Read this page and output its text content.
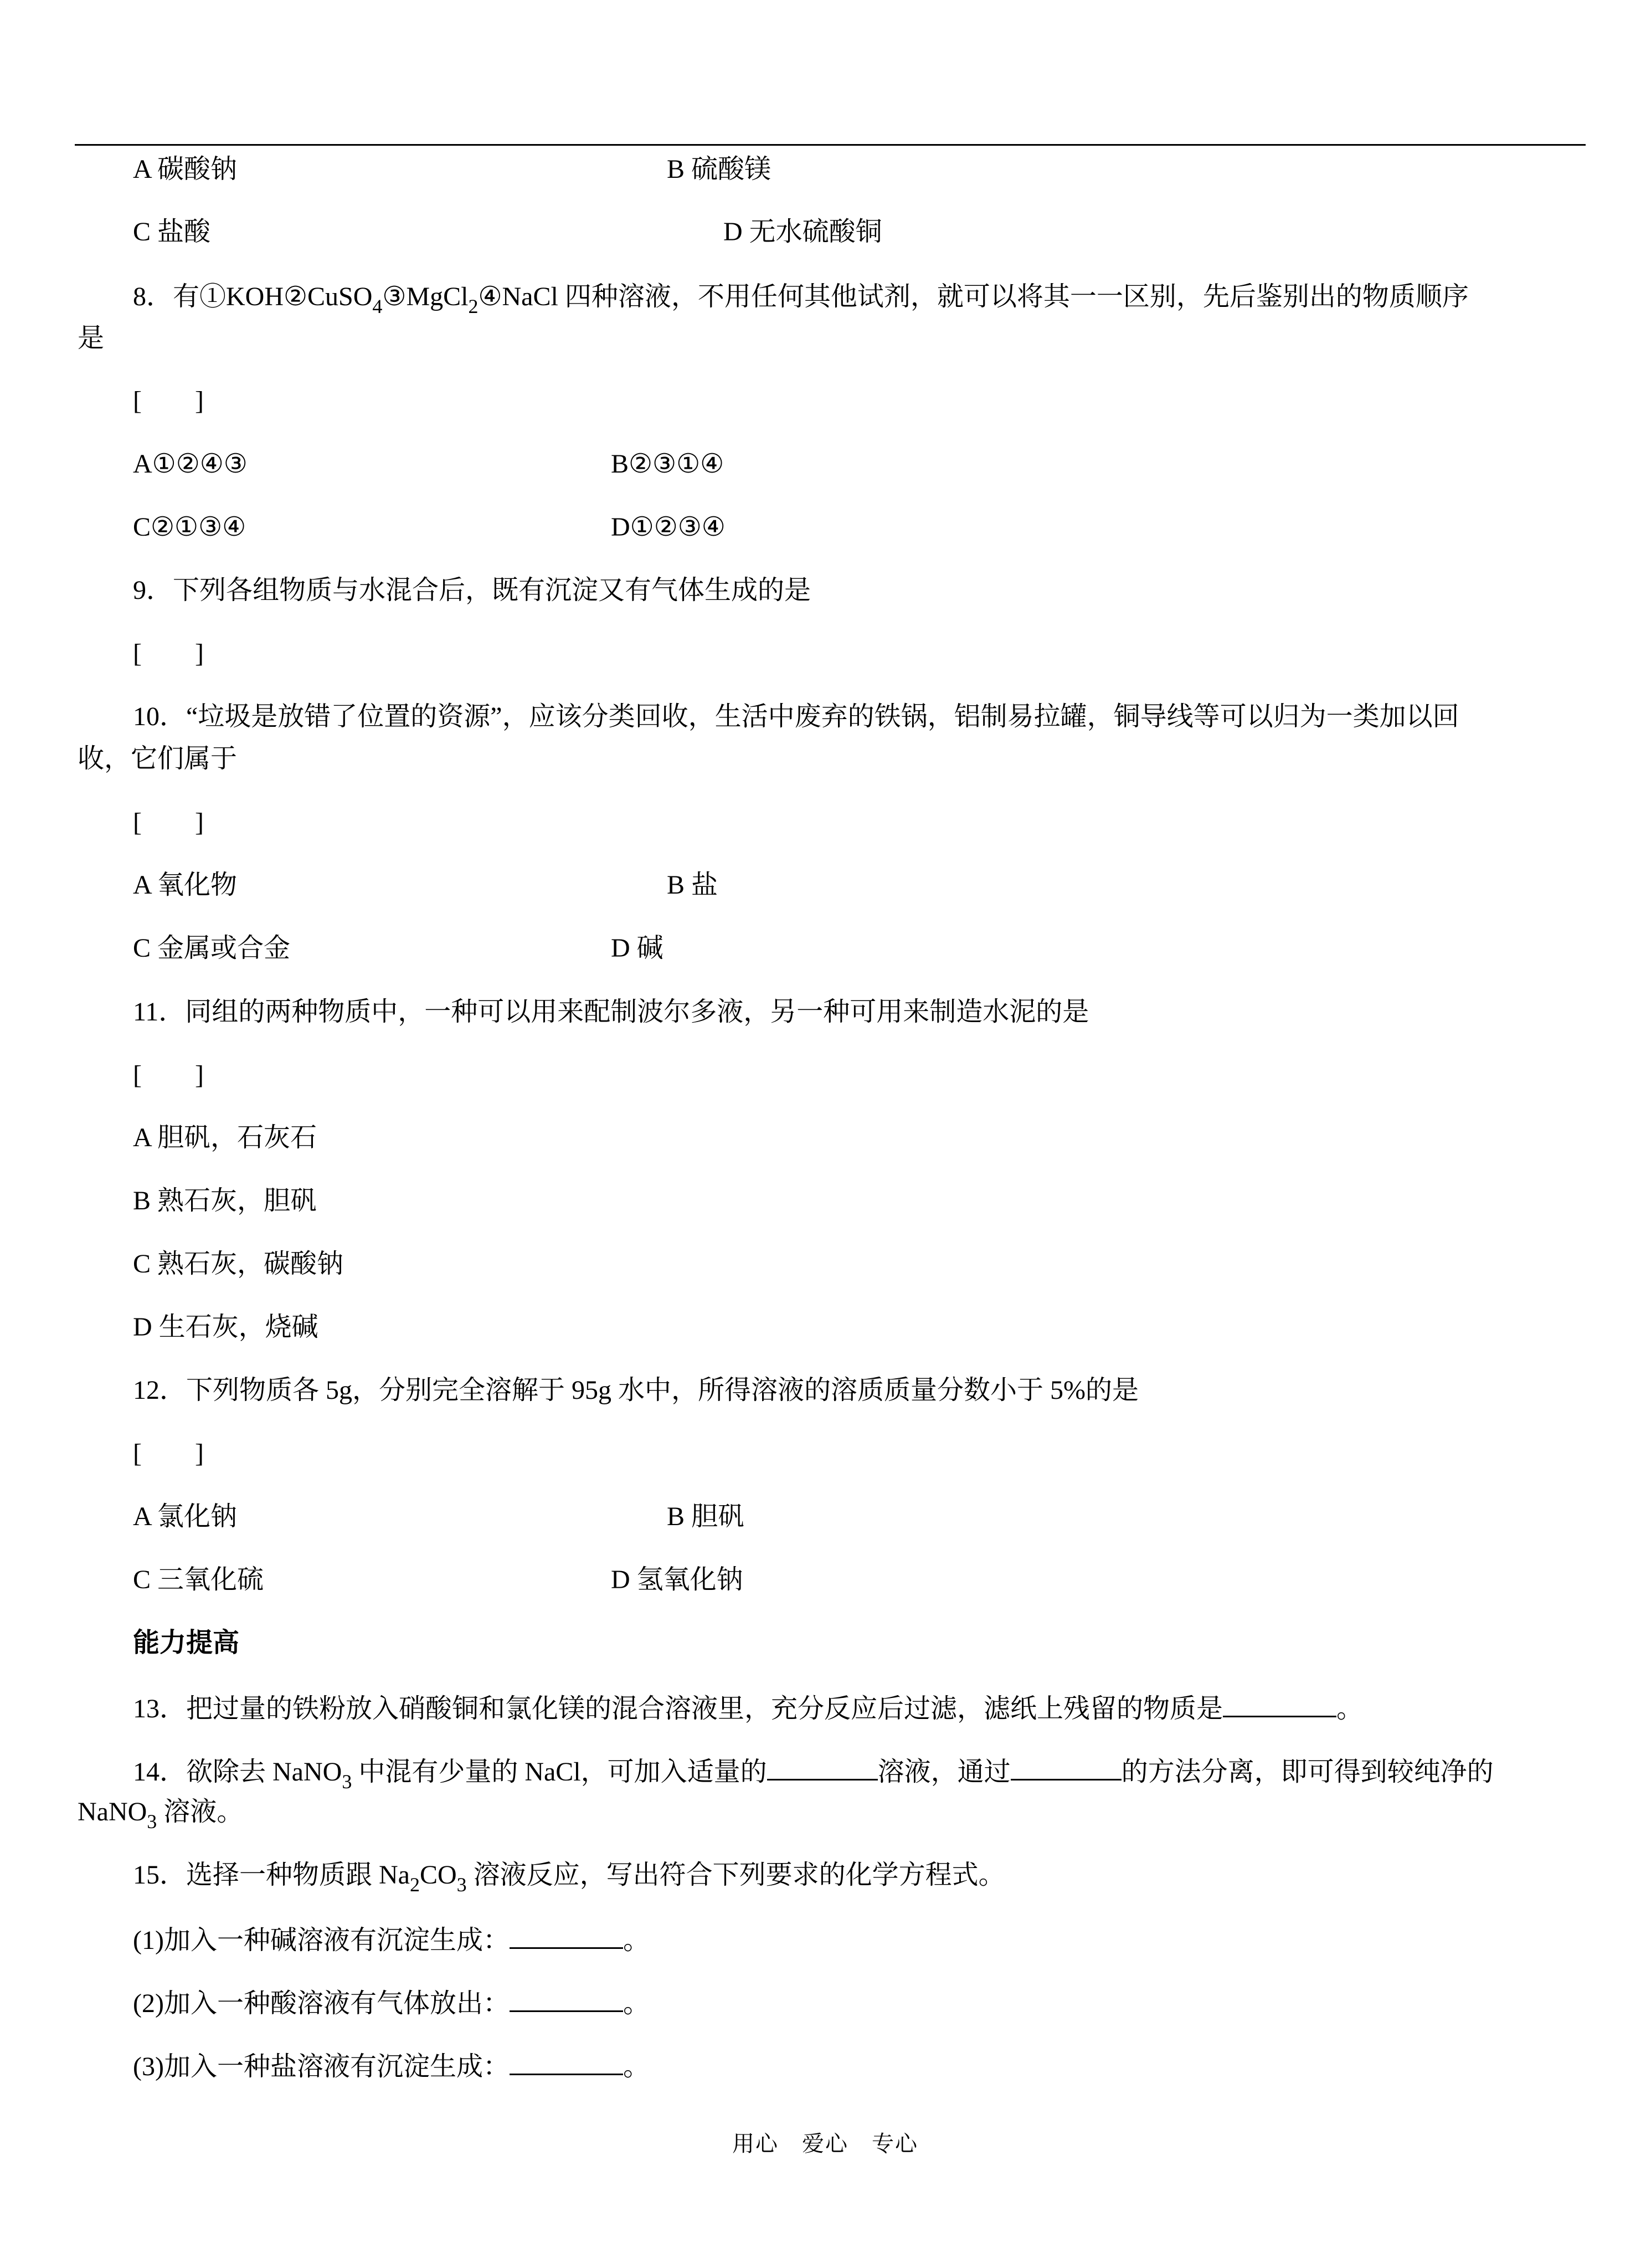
A 碳酸钠	B 硫酸镁
C 盐酸	D 无水硫酸铜
8．有①KOH②CuSO$_4$③MgCl$_2$④NaCl 四种溶液，不用任何其他试剂，就可以将其一一区别，先后鉴别出的物质顺序
是
[　　]
A①②④③	B②③①④
C②①③④	D①②③④
9．下列各组物质与水混合后，既有沉淀又有气体生成的是
[　　]
10．“垃圾是放错了位置的资源”，应该分类回收，生活中废弃的铁锅，铝制易拉罐，铜导线等可以归为一类加以回
收，它们属于
[　　]
A 氧化物	B 盐
C 金属或合金	D 碱
11．同组的两种物质中，一种可以用来配制波尔多液，另一种可用来制造水泥的是
[　　]
A 胆矾，石灰石
B 熟石灰，胆矾
C 熟石灰，碳酸钠
D 生石灰，烧碱
12．下列物质各 5g，分别完全溶解于 95g 水中，所得溶液的溶质质量分数小于 5%的是
[　　]
A 氯化钠	B 胆矾
C 三氧化硫	D 氢氧化钠
能力提高
13．把过量的铁粉放入硝酸铜和氯化镁的混合溶液里，充分反应后过滤，滤纸上残留的物质是	。
14．欲除去 NaNO$_3$ 中混有少量的 NaCl，可加入适量的	溶液，通过	的方法分离，即可得到较纯净的
NaNO$_3$ 溶液。
15．选择一种物质跟 $Na_2CO_3$ 溶液反应，写出符合下列要求的化学方程式。
(1)加入一种碱溶液有沉淀生成：	。
(2)加入一种酸溶液有气体放出：	。
(3)加入一种盐溶液有沉淀生成：	。
用心　爱心　专心
